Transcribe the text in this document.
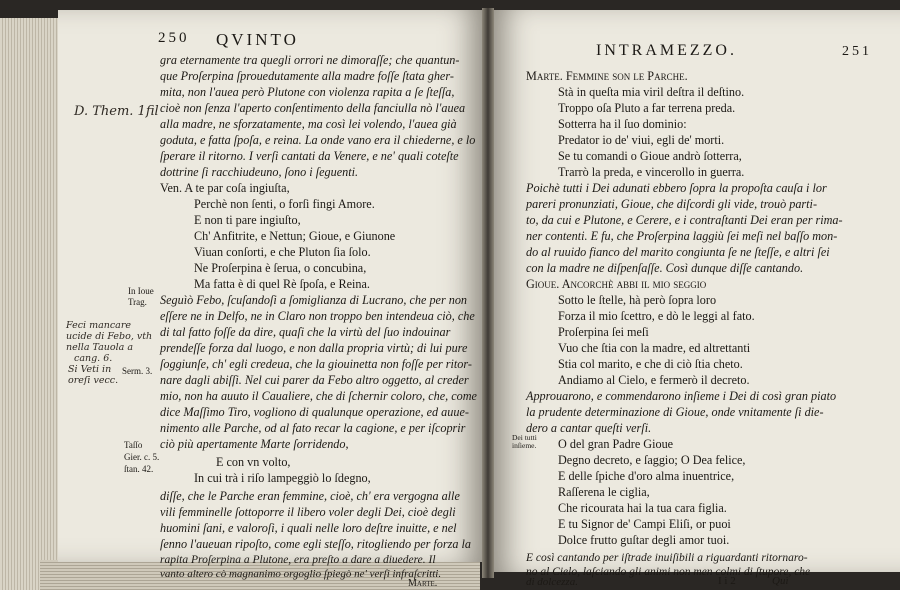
250 QVINTO
gra eternamente tra quegli orrori ne dimoraſſe; che quantun-
que Proſerpina ſprouedutamente alla madre foſſe ſtata gher-
mita, non l'auea però Plutone con violenza rapita a ſe ſteſſa,
cioè non ſenza l'aperto conſentimento della fanciulla nò l'auea
alla madre, ne sforzatamente, ma così lei volendo, l'auea già
goduta, e fatta ſpoſa, e reina. La onde vano era il chiederne, e lo
ſperare il ritorno. I verſi cantati da Venere, e ne' quali coteſte
dottrine ſi racchiudeuno, ſono i ſeguenti.
Ven. A te par coſa ingiuſta,
Perchè non ſenti, o forſi fingi Amore.
E non ti pare ingiuſto,
Ch' Anfitrite, e Nettun; Gioue, e Giunone
Viuan conſorti, e che Pluton ſia ſolo.
Ne Proſerpina è ſerua, o concubina,
Ma fatta è di quel Rè ſpoſa, e Reina.
Seguìò Febo, ſcuſandoſi a ſomiglianza di Lucrano, che per non
eſſere ne in Delfo, ne in Claro non troppo ben intendeua ciò, che
di tal fatto foſſe da dire, quaſi che la virtù del ſuo indouinar
prendeſſe forza dal luogo, e non dalla propria virtù; di lui pure
ſoggiunſe, ch' egli credeua, che la giouinetta non foſſe per ritor-
nare dagli abiſſi. Nel cui parer da Febo altro oggetto, al creder
mio, non ha auuto il Caualiere, che di ſchernir coloro, che, come
dice Maſſimo Tiro, vogliono di qualunque operazione, ed auue-
nimento alle Parche, od al fato recar la cagione, e per iſcoprir
ciò più apertamente Marte ſorridendo,
E con vn volto,
In cui trà i riſo lampeggiò lo ſdegno,
diſſe, che le Parche eran femmine, cioè, ch' era vergogna alle
vili femminelle ſottoporre il libero voler degli Dei, cioè degli
huomini ſani, e valoroſi, i quali nelle loro deſtre inuitte, e nel
ſenno l'aueuan ripoſto, come egli steſſo, ritogliendo per forza la
rapita Proſerpina a Plutone, era preſto a dare a diuedere. Il
vanto altero cò magnanimo orgoglio ſpiegò ne' verſi infraſcritti.
Marte.
In Ioue
Trag.
Serm. 3.
Taſſo
Gier. c. 5.
ſtan. 42.
D. Them. 1fil
Feci mancare
ucide di Febo, vth
nella Tauola a
cang. 6.
Si Veti in
oreſi vecc.
INTRAMEZZO.	251
Marte. Femmine ſon le Parche.
Stà in queſta mia viril deſtra il deſtino.
Troppo oſa Pluto a far terrena preda.
Sotterra ha il ſuo dominio:
Predator io de' viui, egli de' morti.
Se tu comandi o Gioue andrò ſotterra,
Trarrò la preda, e vincerollo in guerra.
Poichè tutti i Dei adunati ebbero ſopra la propoſta cauſa i lor
pareri pronunziati, Gioue, che diſcordi gli vide, trouò parti-
to, da cui e Plutone, e Cerere, e i contraſtanti Dei eran per rima-
ner contenti. E fu, che Proſerpina laggiù ſei meſi nel baſſo mon-
do al ruuido fianco del marito congiunta ſe ne ſteſſe, e altri ſei
con la madre ne diſpenſaſſe. Così dunque diſſe cantando.
Gioue. Ancorchè abbi il mio ſeggio
Sotto le ſtelle, hà però ſopra loro
Forza il mio ſcettro, e dò le leggi al fato.
Proſerpina ſei meſi
Vuo che ſtia con la madre, ed altrettanti
Stia col marito, e che di ciò ſtia cheto.
Andiamo al Cielo, e fermerò il decreto.
Approuarono, e commendarono inſieme i Dei di così gran piato
la prudente determinazione di Gioue, onde vnitamente ſi die-
dero a cantar queſti verſi.
O del gran Padre Gioue
Degno decreto, e ſaggio; O Dea felice,
E delle ſpiche d'oro alma inuentrice,
Raſſerena le ciglia,
Che ricourata hai la tua cara figlia.
E tu Signor de' Campi Eliſi, or puoi
Dolce frutto guſtar degli amor tuoi.
E così cantando per iſtrade inuiſibili a riguardanti ritornaro-
no al Cielo, laſciando gli animi non men colmi di ſtupore, che
di dolcezza.
Dei tutti
inſieme.
I i 2	Quì
